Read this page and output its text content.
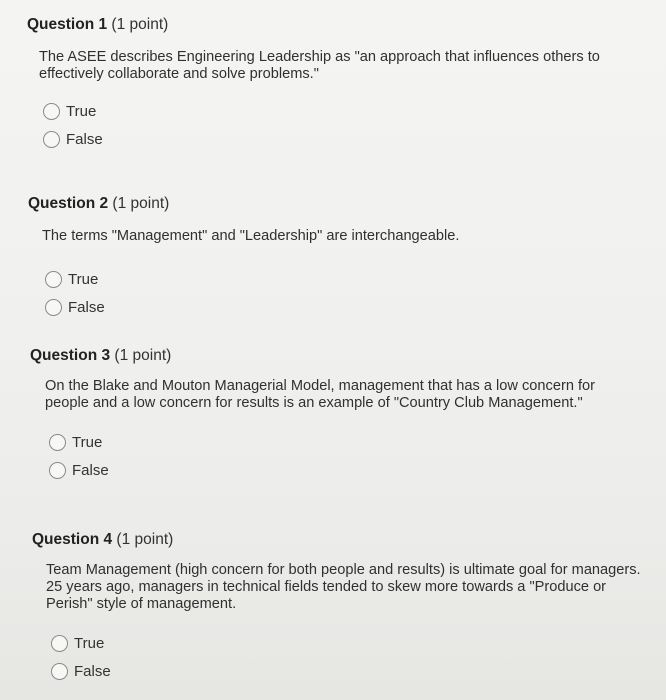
Question 1 (1 point)
The ASEE describes Engineering Leadership as "an approach that influences others to effectively collaborate and solve problems."
True
False
Question 2 (1 point)
The terms "Management" and "Leadership" are interchangeable.
True
False
Question 3 (1 point)
On the Blake and Mouton Managerial Model, management that has a low concern for people and a low concern for results is an example of "Country Club Management."
True
False
Question 4 (1 point)
Team Management (high concern for both people and results) is ultimate goal for managers. 25 years ago, managers in technical fields tended to skew more towards a "Produce or Perish" style of management.
True
False
